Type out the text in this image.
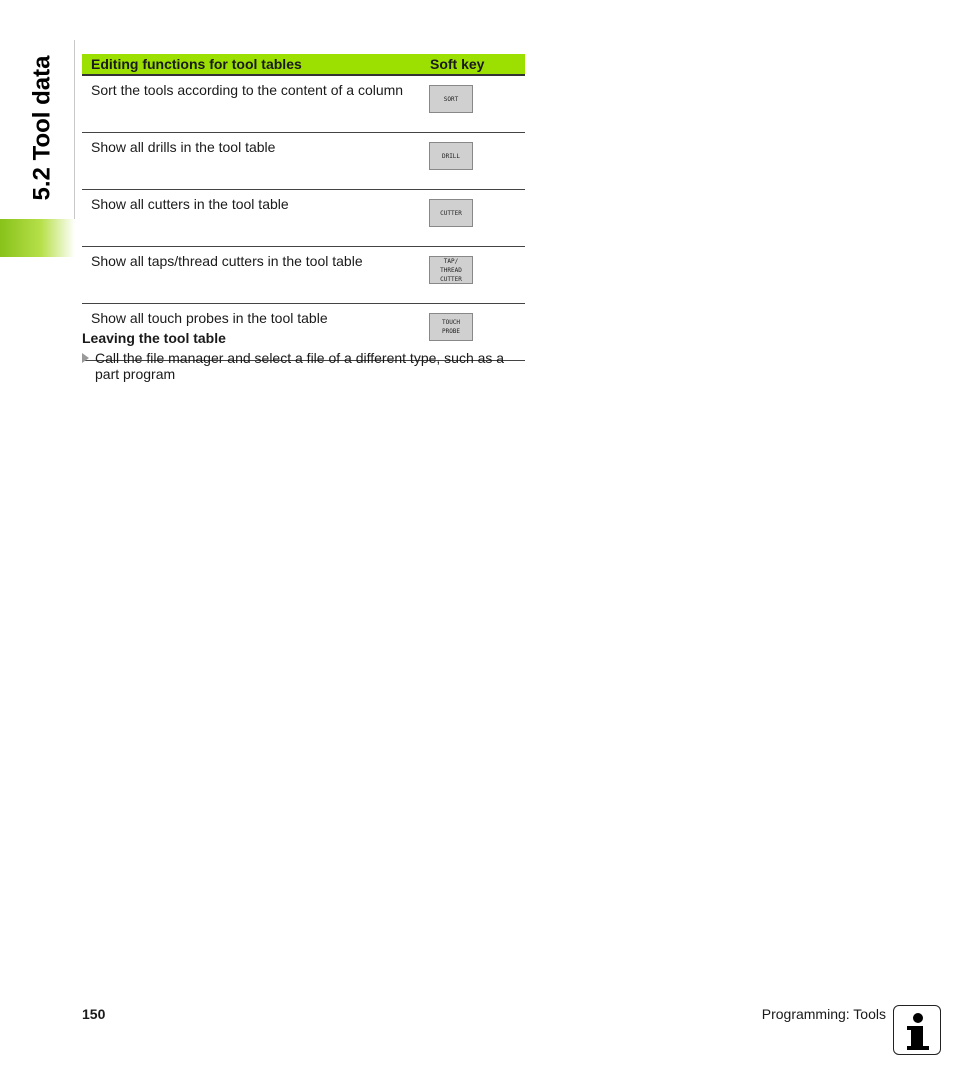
5.2 Tool data	Editing functions for tool tables	Soft key
Sort the tools according to the content of a column	SORT

Show all drills in the tool table	DRILL

Show all cutters in the tool table	CUTTER

Show all taps/thread cutters in the tool table	TAP/
THREAD
CUTTER

Show all touch probes in the tool table	TOUCH
PROBE
Leaving the tool table
Call the file manager and select a file of a different type, such as a part program
150	Programming: Tools
